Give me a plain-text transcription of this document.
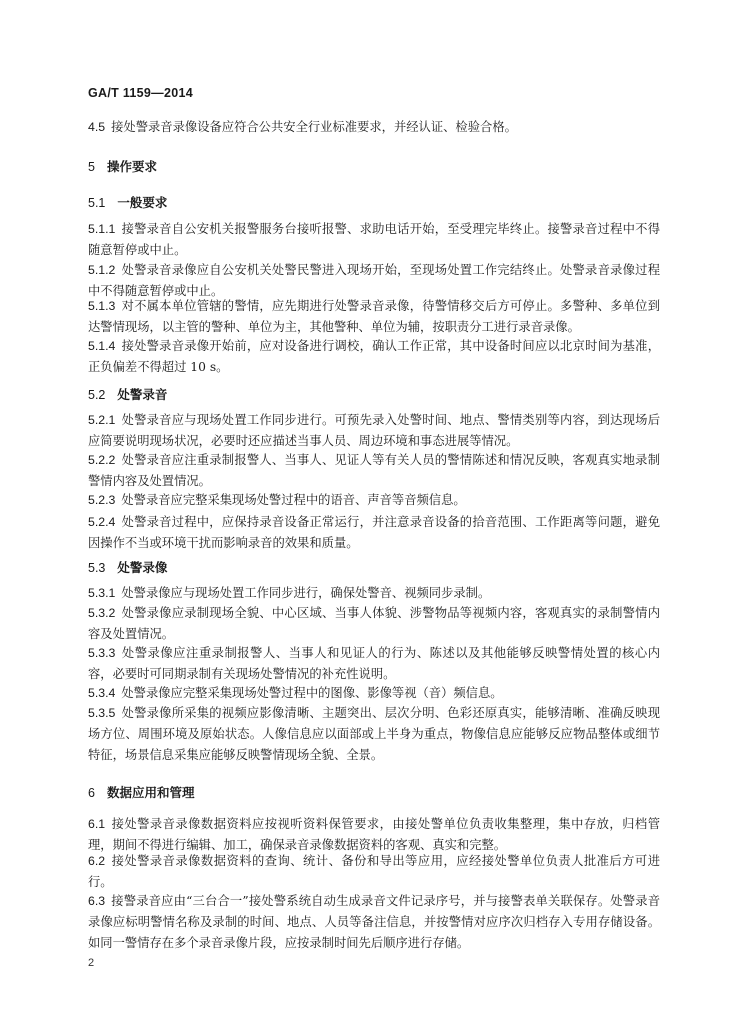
GA/T 1159—2014

4.5 接处警录音录像设备应符合公共安全行业标准要求，并经认证、检验合格。

5 操作要求
5.1 一般要求

5.1.1 接警录音自公安机关报警服务台接听报警、求助电话开始，至受理完毕终止。接警录音过程中不得随意暂停或中止。

5.1.2 处警录音录像应自公安机关处警民警进入现场开始，至现场处置工作完结终止。处警录音录像过程中不得随意暂停或中止。

5.1.3 对不属本单位管辖的警情，应先期进行处警录音录像，待警情移交后方可停止。多警种、多单位到达警情现场，以主管的警种、单位为主，其他警种、单位为辅，按职责分工进行录音录像。

5.1.4 接处警录音录像开始前，应对设备进行调校，确认工作正常，其中设备时间应以北京时间为基准，正负偏差不得超过 10 s。

5.2 处警录音

5.2.1 处警录音应与现场处置工作同步进行。可预先录入处警时间、地点、警情类别等内容，到达现场后应简要说明现场状况，必要时还应描述当事人员、周边环境和事态进展等情况。

5.2.2 处警录音应注重录制报警人、当事人、见证人等有关人员的警情陈述和情况反映，客观真实地录制警情内容及处置情况。

5.2.3 处警录音应完整采集现场处警过程中的语音、声音等音频信息。

5.2.4 处警录音过程中，应保持录音设备正常运行，并注意录音设备的拾音范围、工作距离等问题，避免因操作不当或环境干扰而影响录音的效果和质量。

5.3 处警录像

5.3.1 处警录像应与现场处置工作同步进行，确保处警音、视频同步录制。

5.3.2 处警录像应录制现场全貌、中心区域、当事人体貌、涉警物品等视频内容，客观真实的录制警情内容及处置情况。

5.3.3 处警录像应注重录制报警人、当事人和见证人的行为、陈述以及其他能够反映警情处置的核心内容，必要时可同期录制有关现场处警情况的补充性说明。

5.3.4 处警录像应完整采集现场处警过程中的图像、影像等视（音）频信息。

5.3.5 处警录像所采集的视频应影像清晰、主题突出、层次分明、色彩还原真实，能够清晰、准确反映现场方位、周围环境及原始状态。人像信息应以面部或上半身为重点，物像信息应能够反应物品整体或细节特征，场景信息采集应能够反映警情现场全貌、全景。

6 数据应用和管理

6.1 接处警录音录像数据资料应按视听资料保管要求，由接处警单位负责收集整理，集中存放，归档管理，期间不得进行编辑、加工，确保录音录像数据资料的客观、真实和完整。

6.2 接处警录音录像数据资料的查询、统计、备份和导出等应用，应经接处警单位负责人批准后方可进行。

6.3 接警录音应由“三台合一”接处警系统自动生成录音文件记录序号，并与接警表单关联保存。处警录音录像应标明警情名称及录制的时间、地点、人员等备注信息，并按警情对应序次归档存入专用存储设备。如同一警情存在多个录音录像片段，应按录制时间先后顺序进行存储。

2
